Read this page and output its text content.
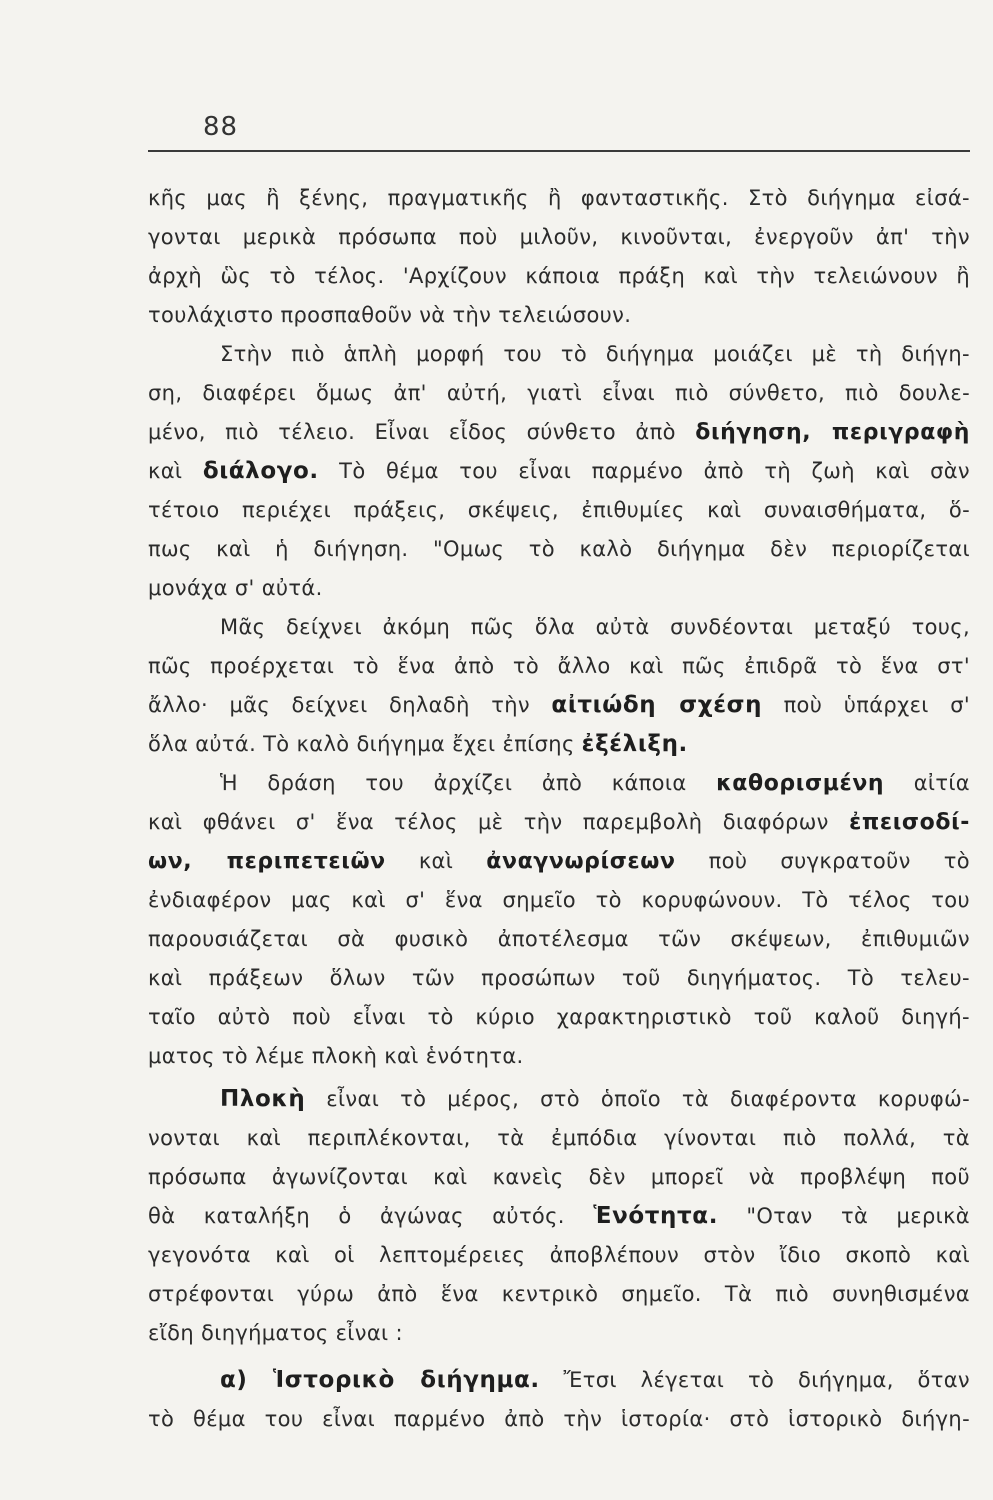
88
κῆς μας ἢ ξένης, πραγματικῆς ἢ φανταστικῆς. Στὸ διήγημα εἰσά-
γονται μερικὰ πρόσωπα ποὺ μιλοῦν, κινοῦνται, ἐνεργοῦν ἀπ' τὴν
ἀρχὴ ὣς τὸ τέλος. 'Αρχίζουν κάποια πράξη καὶ τὴν τελειώνουν ἢ
τουλάχιστο προσπαθοῦν νὰ τὴν τελειώσουν.
Στὴν πιὸ ἁπλὴ μορφή του τὸ διήγημα μοιάζει μὲ τὴ διήγη-
ση, διαφέρει ὅμως ἀπ' αὐτή, γιατὶ εἶναι πιὸ σύνθετο, πιὸ δουλε-
μένο, πιὸ τέλειο. Εἶναι εἶδος σύνθετο ἀπὸ διήγηση, περιγραφὴ
καὶ διάλογο. Τὸ θέμα του εἶναι παρμένο ἀπὸ τὴ ζωὴ καὶ σὰν
τέτοιο περιέχει πράξεις, σκέψεις, ἐπιθυμίες καὶ συναισθήματα, ὅ-
πως καὶ ἡ διήγηση. "Ομως τὸ καλὸ διήγημα δὲν περιορίζεται
μονάχα σ' αὐτά.
Μᾶς δείχνει ἀκόμη πῶς ὅλα αὐτὰ συνδέονται μεταξύ τους,
πῶς προέρχεται τὸ ἕνα ἀπὸ τὸ ἄλλο καὶ πῶς ἐπιδρᾶ τὸ ἕνα στ'
ἄλλο· μᾶς δείχνει δηλαδὴ τὴν αἰτιώδη σχέση ποὺ ὑπάρχει σ'
ὅλα αὐτά. Τὸ καλὸ διήγημα ἔχει ἐπίσης ἐξέλιξη.
Ἡ δράση του ἀρχίζει ἀπὸ κάποια καθορισμένη αἰτία
καὶ φθάνει σ' ἕνα τέλος μὲ τὴν παρεμβολὴ διαφόρων ἐπεισοδί-
ων, περιπετειῶν καὶ ἀναγνωρίσεων ποὺ συγκρατοῦν τὸ
ἐνδιαφέρον μας καὶ σ' ἕνα σημεῖο τὸ κορυφώνουν. Τὸ τέλος του
παρουσιάζεται σὰ φυσικὸ ἀποτέλεσμα τῶν σκέψεων, ἐπιθυμιῶν
καὶ πράξεων ὅλων τῶν προσώπων τοῦ διηγήματος. Τὸ τελευ-
ταῖο αὐτὸ ποὺ εἶναι τὸ κύριο χαρακτηριστικὸ τοῦ καλοῦ διηγή-
ματος τὸ λέμε πλοκὴ καὶ ἑνότητα.
Πλοκὴ εἶναι τὸ μέρος, στὸ ὁποῖο τὰ διαφέροντα κορυφώ-
νονται καὶ περιπλέκονται, τὰ ἐμπόδια γίνονται πιὸ πολλά, τὰ
πρόσωπα ἀγωνίζονται καὶ κανεὶς δὲν μπορεῖ νὰ προβλέψη ποῦ
θὰ καταλήξη ὁ ἀγώνας αὐτός. Ἑνότητα. "Οταν τὰ μερικὰ
γεγονότα καὶ οἱ λεπτομέρειες ἀποβλέπουν στὸν ἴδιο σκοπὸ καὶ
στρέφονται γύρω ἀπὸ ἕνα κεντρικὸ σημεῖο. Τὰ πιὸ συνηθισμένα
εἴδη διηγήματος εἶναι :
α) Ἱστορικὸ διήγημα. Ἔτσι λέγεται τὸ διήγημα, ὅταν
τὸ θέμα του εἶναι παρμένο ἀπὸ τὴν ἱστορία· στὸ ἱστορικὸ διήγη-
